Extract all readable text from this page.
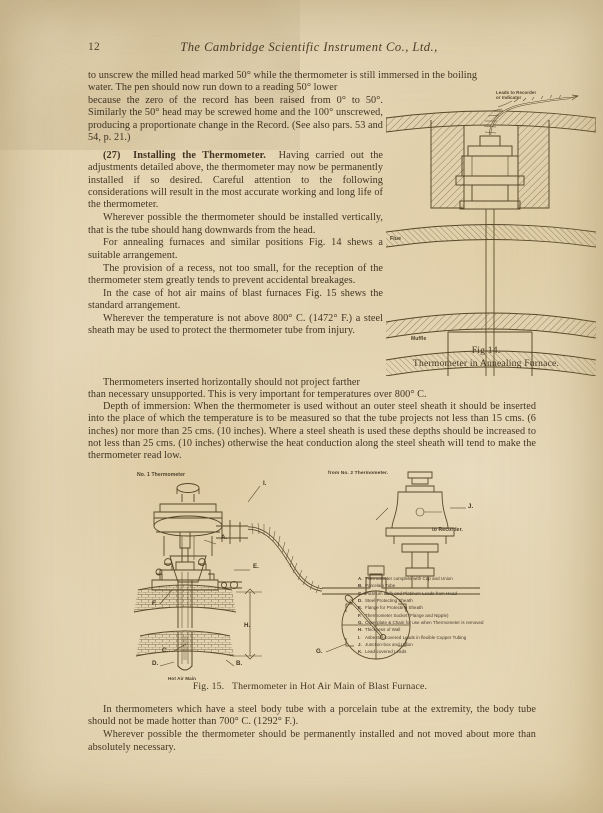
12	The Cambridge Scientific Instrument Co., Ltd.,

to unscrew the milled head marked 50° while the thermometer is still immersed in the boiling

water. The pen should now run down to a reading 50° lower

because the zero of the record has been raised from 0° to 50°. Similarly the 50° head may be screwed home and the 100° unscrewed, producing a proportionate change in the Record. (See also pars. 53 and 54, p. 21.)

(27) Installing the Thermometer. Having carried out the adjustments detailed above, the thermometer may now be permanently installed if so desired. Careful attention to the following considerations will result in the most accurate working and long life of the thermometer.

Wherever possible the thermometer should be installed vertically, that is the tube should hang downwards from the head.

For annealing furnaces and similar positions Fig. 14 shews a suitable arrangement.

The provision of a recess, not too small, for the reception of the thermometer stem greatly tends to prevent accidental breakages.

In the case of hot air mains of blast furnaces Fig. 15 shews the standard arrangement.

Wherever the temperature is not above 800° C. (1472° F.) a steel sheath may be used to protect the thermometer tube from injury.

Thermometers inserted horizontally should not project farther

than necessary unsupported. This is very important for temperatures over 800° C.

Depth of immersion: When the thermometer is used without an outer steel sheath it should be inserted into the place of which the temperature is to be measured so that the tube projects not less than 15 cms. (6 inches) nor more than 25 cms. (10 inches). Where a steel sheath is used these depths should be increased to not less than 25 cms. (10 inches) otherwise the heat conduction along the steel sheath will tend to make the thermometer read low.

In thermometers which have a steel body tube with a porcelain tube at the extremity, the body tube should not be made hotter than 700° C. (1292° F.).

Wherever possible the thermometer should be permanently installed and not moved about more than absolutely necessary.

Leads to Recorder
or Indicator
Flue
Muffle
Fig 14.
Thermometer in Annealing Furnace.
A.
E.
F.
H.
C.
D.	B.
G.
I.
J.
No. 1 Thermometer	from No. 2 Thermometer.
to Recorder.
Hot Air Main
A. Thermometer complete with Cap and Union
B. Porcelain Tube
C. Platinum Bulb and Platinum Leads from Head
D. Steel Protecting Sheath
E. Flange for Protecting Sheath
F. Thermometer Socket (Flange and Nipple)
G. Coverplate & Chain for use when Thermometer is removed
H. Thickness of Wall
I. Asbestos-covered Leads in flexible Copper Tubing
J. Junction-box and Union
K. Lead-covered Leads
Fig. 15. Thermometer in Hot Air Main of Blast Furnace.
